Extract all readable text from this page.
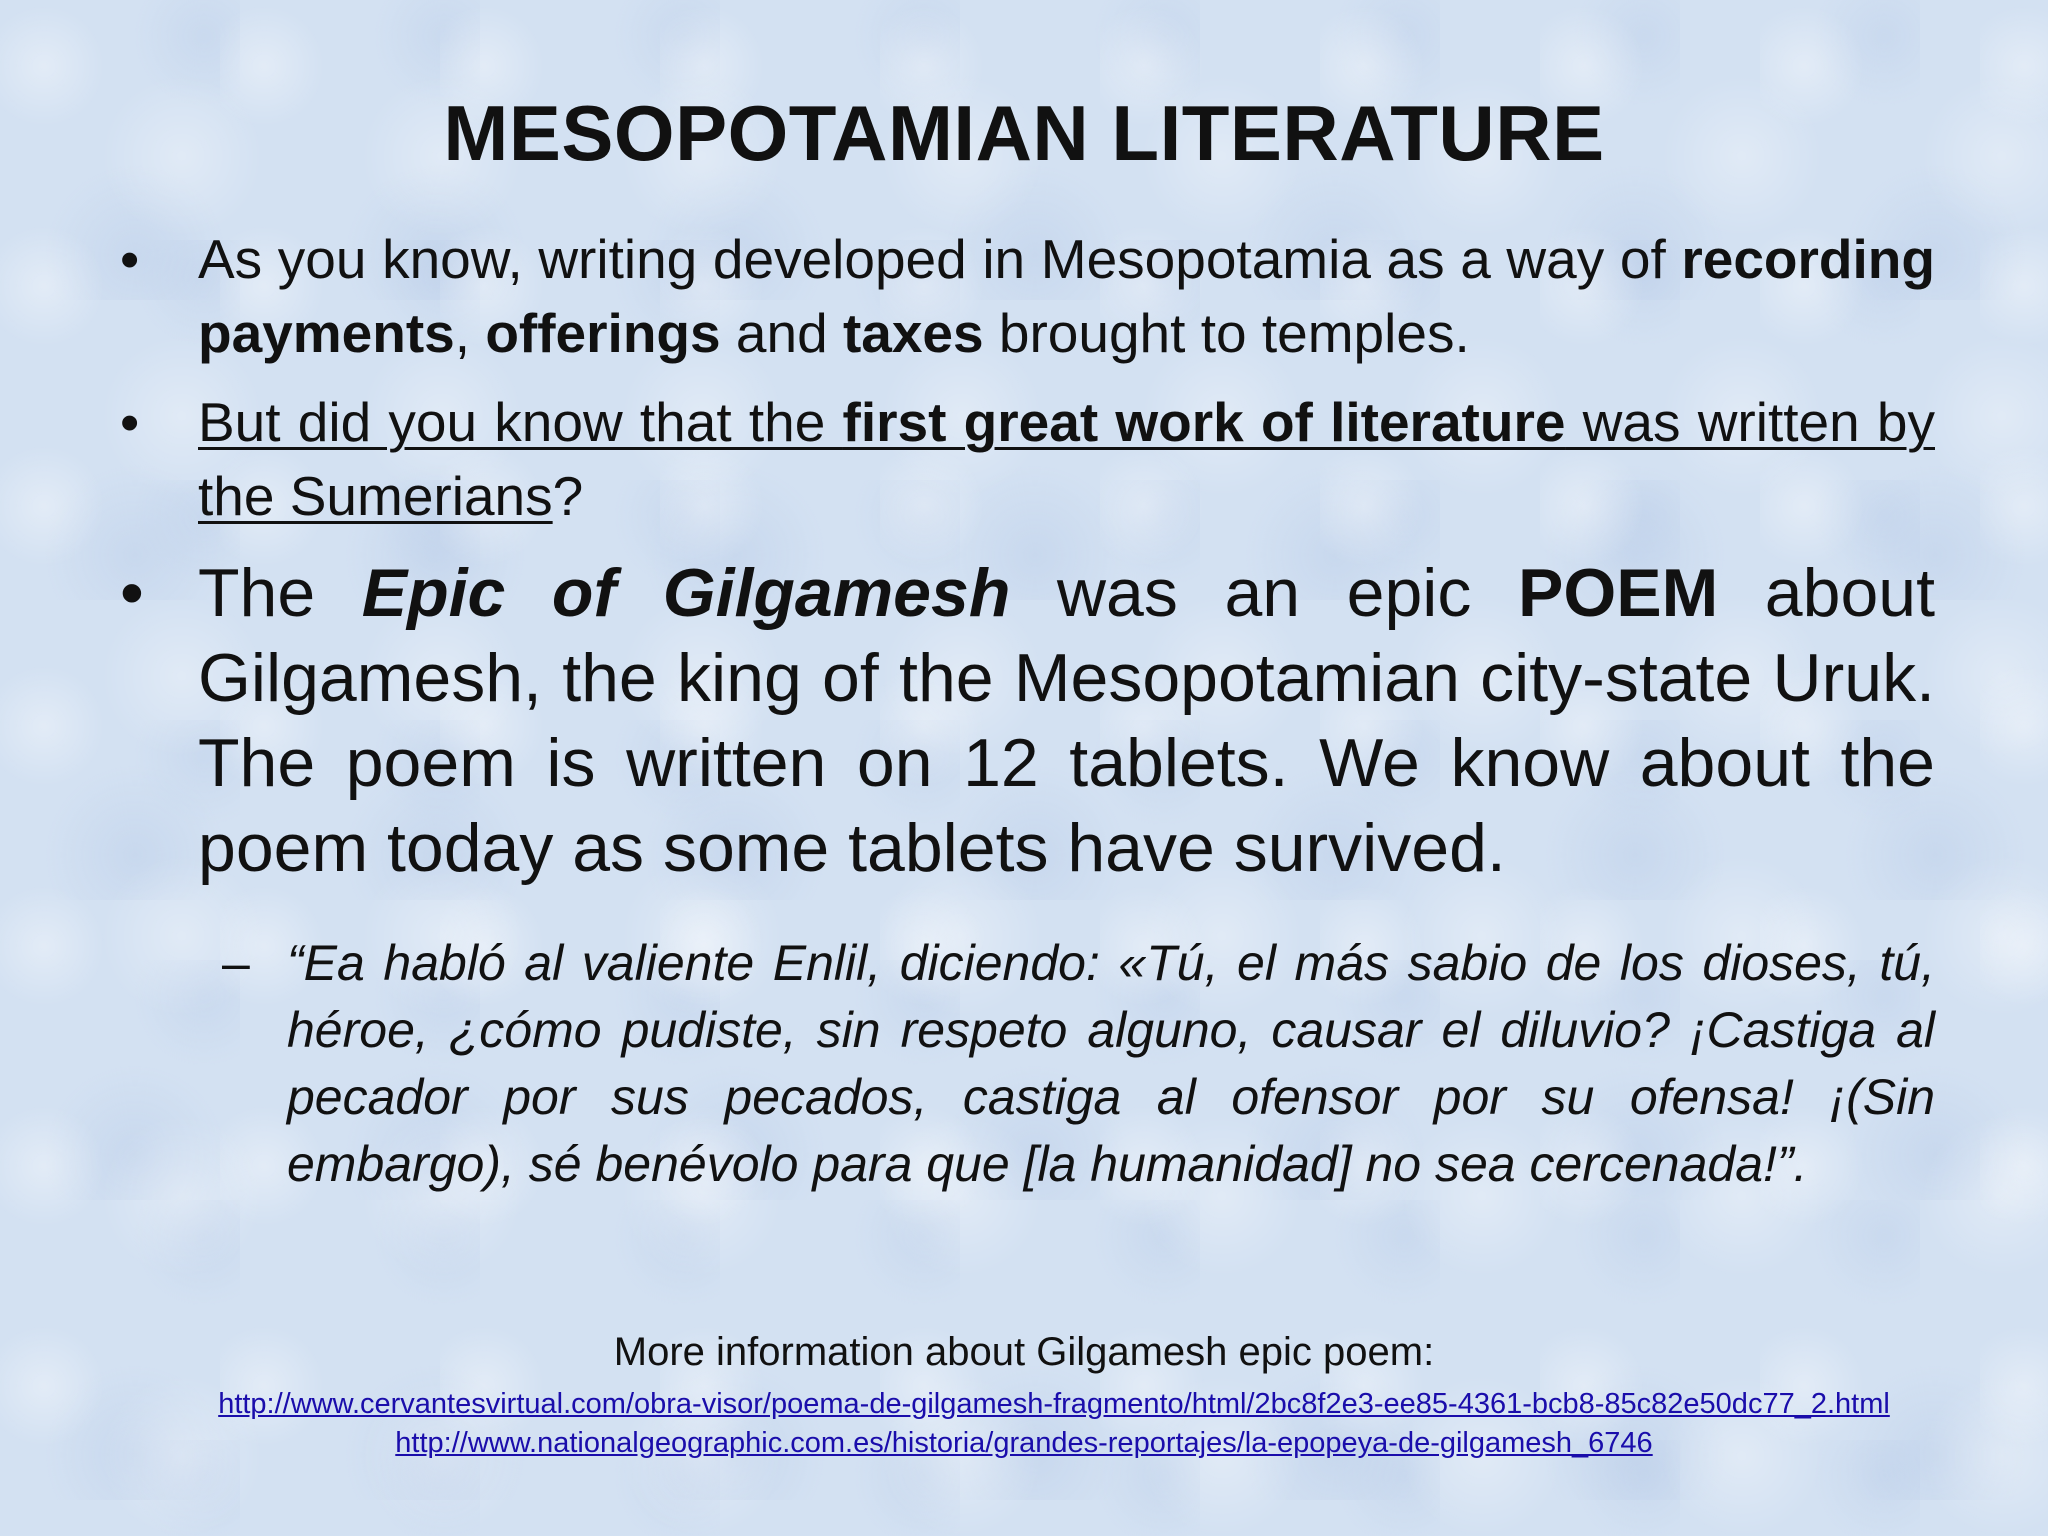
MESOPOTAMIAN LITERATURE
• As you know, writing developed in Mesopotamia as a way of recording payments, offerings and taxes brought to temples.
• But did you know that the first great work of literature was written by the Sumerians?
• The Epic of Gilgamesh was an epic POEM about Gilgamesh, the king of the Mesopotamian city-state Uruk. The poem is written on 12 tablets. We know about the poem today as some tablets have survived.
– “Ea habló al valiente Enlil, diciendo: «Tú, el más sabio de los dioses, tú, héroe, ¿cómo pudiste, sin respeto alguno, causar el diluvio? ¡Castiga al pecador por sus pecados, castiga al ofensor por su ofensa! ¡(Sin embargo), sé benévolo para que [la humanidad] no sea cercenada!”.
More information about Gilgamesh epic poem:
http://www.cervantesvirtual.com/obra-visor/poema-de-gilgamesh-fragmento/html/2bc8f2e3-ee85-4361-bcb8-85c82e50dc77_2.html
http://www.nationalgeographic.com.es/historia/grandes-reportajes/la-epopeya-de-gilgamesh_6746
